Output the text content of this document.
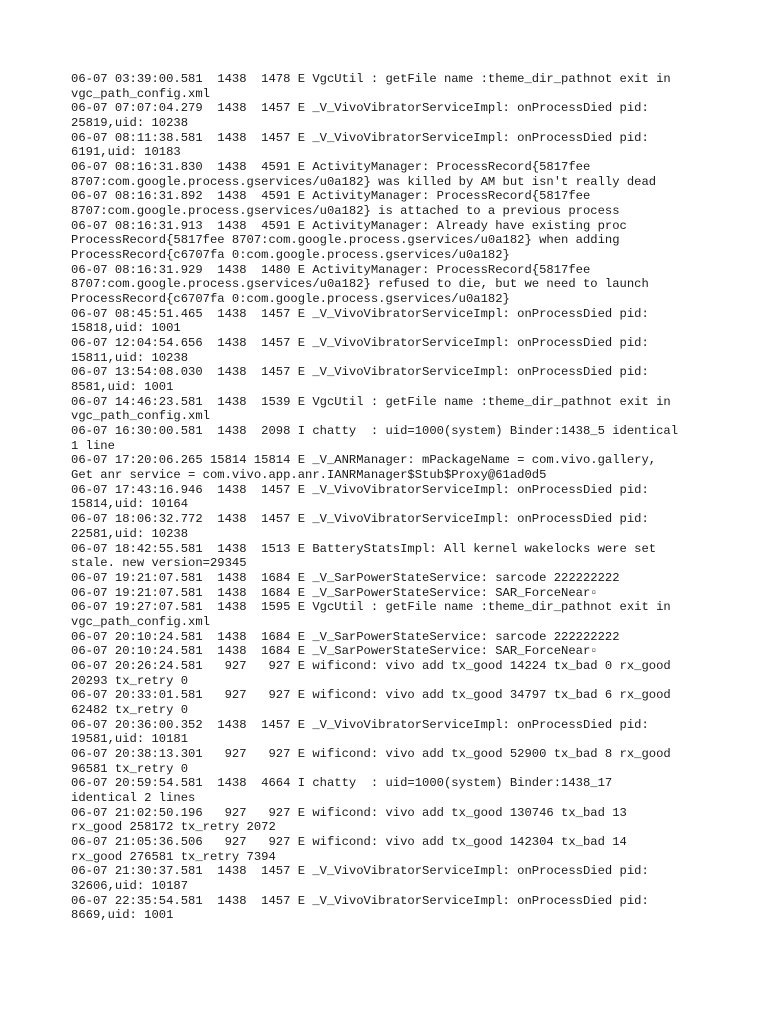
06-07 03:39:00.581  1438  1478 E VgcUtil : getFile name :theme_dir_pathnot exit in

vgc_path_config.xml

06-07 07:07:04.279  1438  1457 E _V_VivoVibratorServiceImpl: onProcessDied pid:

25819,uid: 10238

06-07 08:11:38.581  1438  1457 E _V_VivoVibratorServiceImpl: onProcessDied pid:

6191,uid: 10183

06-07 08:16:31.830  1438  4591 E ActivityManager: ProcessRecord{5817fee

8707:com.google.process.gservices/u0a182} was killed by AM but isn't really dead

06-07 08:16:31.892  1438  4591 E ActivityManager: ProcessRecord{5817fee

8707:com.google.process.gservices/u0a182} is attached to a previous process

06-07 08:16:31.913  1438  4591 E ActivityManager: Already have existing proc

ProcessRecord{5817fee 8707:com.google.process.gservices/u0a182} when adding

ProcessRecord{c6707fa 0:com.google.process.gservices/u0a182}

06-07 08:16:31.929  1438  1480 E ActivityManager: ProcessRecord{5817fee

8707:com.google.process.gservices/u0a182} refused to die, but we need to launch

ProcessRecord{c6707fa 0:com.google.process.gservices/u0a182}

06-07 08:45:51.465  1438  1457 E _V_VivoVibratorServiceImpl: onProcessDied pid:

15818,uid: 1001

06-07 12:04:54.656  1438  1457 E _V_VivoVibratorServiceImpl: onProcessDied pid:

15811,uid: 10238

06-07 13:54:08.030  1438  1457 E _V_VivoVibratorServiceImpl: onProcessDied pid:

8581,uid: 1001

06-07 14:46:23.581  1438  1539 E VgcUtil : getFile name :theme_dir_pathnot exit in

vgc_path_config.xml

06-07 16:30:00.581  1438  2098 I chatty  : uid=1000(system) Binder:1438_5 identical

1 line

06-07 17:20:06.265 15814 15814 E _V_ANRManager: mPackageName = com.vivo.gallery,

Get anr service = com.vivo.app.anr.IANRManager$Stub$Proxy@61ad0d5

06-07 17:43:16.946  1438  1457 E _V_VivoVibratorServiceImpl: onProcessDied pid:

15814,uid: 10164

06-07 18:06:32.772  1438  1457 E _V_VivoVibratorServiceImpl: onProcessDied pid:

22581,uid: 10238

06-07 18:42:55.581  1438  1513 E BatteryStatsImpl: All kernel wakelocks were set

stale. new version=29345

06-07 19:21:07.581  1438  1684 E _V_SarPowerStateService: sarcode 222222222

06-07 19:21:07.581  1438  1684 E _V_SarPowerStateService: SAR_ForceNear▫

06-07 19:27:07.581  1438  1595 E VgcUtil : getFile name :theme_dir_pathnot exit in

vgc_path_config.xml

06-07 20:10:24.581  1438  1684 E _V_SarPowerStateService: sarcode 222222222

06-07 20:10:24.581  1438  1684 E _V_SarPowerStateService: SAR_ForceNear▫

06-07 20:26:24.581   927   927 E wificond: vivo add tx_good 14224 tx_bad 0 rx_good

20293 tx_retry 0

06-07 20:33:01.581   927   927 E wificond: vivo add tx_good 34797 tx_bad 6 rx_good

62482 tx_retry 0

06-07 20:36:00.352  1438  1457 E _V_VivoVibratorServiceImpl: onProcessDied pid:

19581,uid: 10181

06-07 20:38:13.301   927   927 E wificond: vivo add tx_good 52900 tx_bad 8 rx_good

96581 tx_retry 0

06-07 20:59:54.581  1438  4664 I chatty  : uid=1000(system) Binder:1438_17

identical 2 lines

06-07 21:02:50.196   927   927 E wificond: vivo add tx_good 130746 tx_bad 13

rx_good 258172 tx_retry 2072

06-07 21:05:36.506   927   927 E wificond: vivo add tx_good 142304 tx_bad 14

rx_good 276581 tx_retry 7394

06-07 21:30:37.581  1438  1457 E _V_VivoVibratorServiceImpl: onProcessDied pid:

32606,uid: 10187

06-07 22:35:54.581  1438  1457 E _V_VivoVibratorServiceImpl: onProcessDied pid:

8669,uid: 1001
